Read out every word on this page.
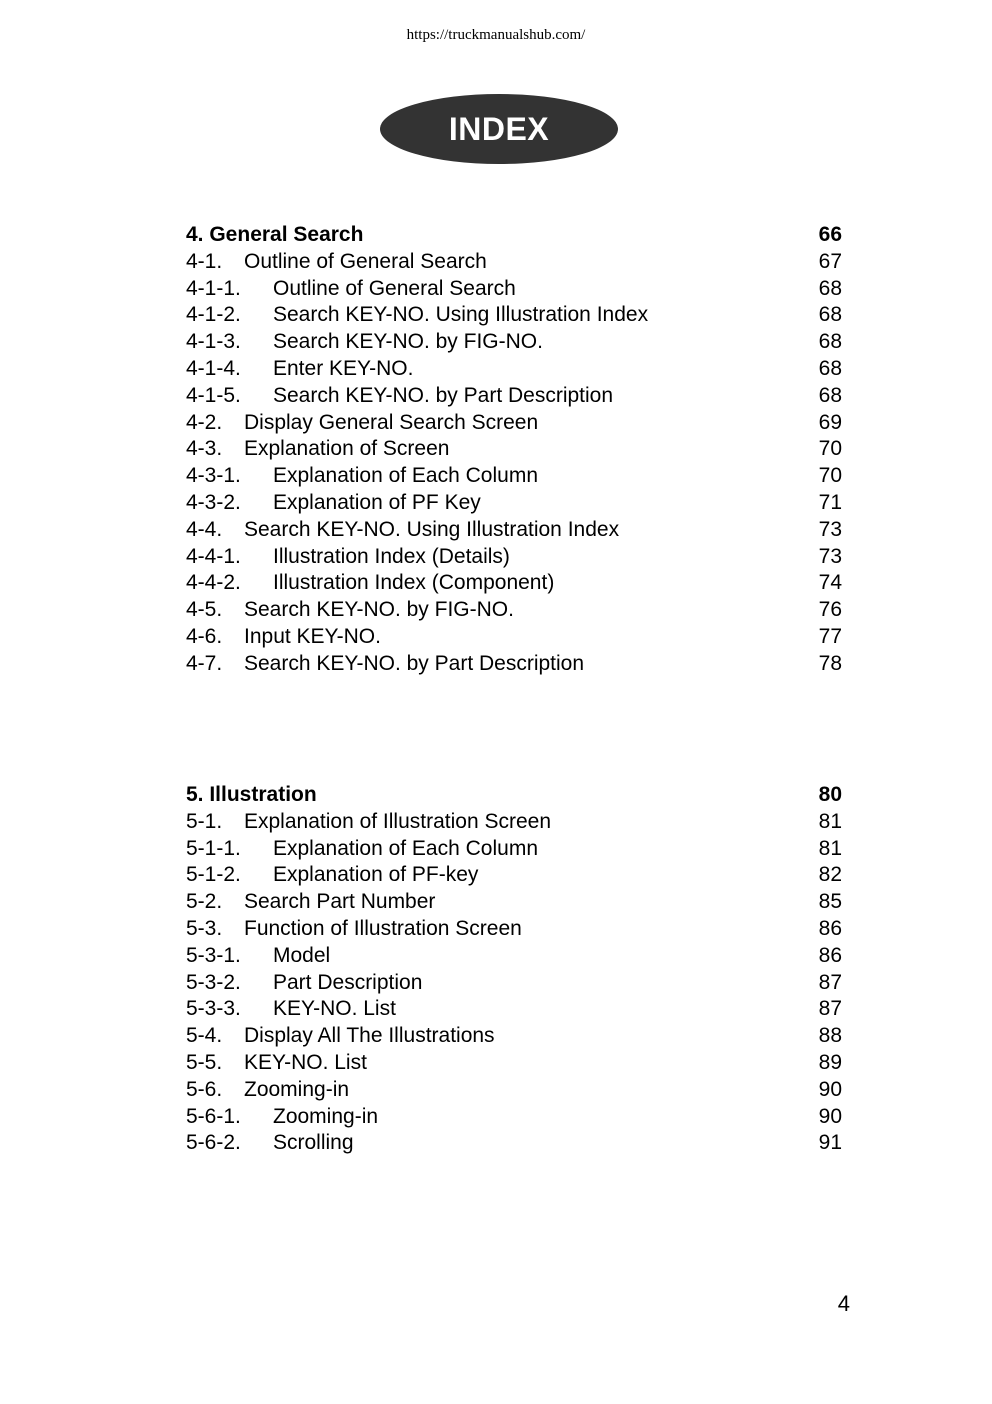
https://truckmanualshub.com/
INDEX
4. General Search	66
4-1.	Outline of General Search	67
4-1-1.	Outline of General Search	68
4-1-2.	Search KEY-NO. Using Illustration Index	68
4-1-3.	Search KEY-NO. by FIG-NO.	68
4-1-4.	Enter KEY-NO.	68
4-1-5.	Search KEY-NO. by Part Description	68
4-2.	Display General Search Screen	69
4-3.	Explanation of Screen	70
4-3-1.	Explanation of Each Column	70
4-3-2.	Explanation of PF Key	71
4-4.	Search KEY-NO. Using Illustration Index	73
4-4-1.	Illustration Index (Details)	73
4-4-2.	Illustration Index (Component)	74
4-5.	Search KEY-NO. by FIG-NO.	76
4-6.	Input KEY-NO.	77
4-7.	Search KEY-NO. by Part Description	78
5. Illustration	80
5-1.	Explanation of Illustration Screen	81
5-1-1.	Explanation of Each Column	81
5-1-2.	Explanation of PF-key	82
5-2.	Search Part Number	85
5-3.	Function of Illustration Screen	86
5-3-1.	Model	86
5-3-2.	Part Description	87
5-3-3.	KEY-NO. List	87
5-4.	Display All The Illustrations	88
5-5.	KEY-NO. List	89
5-6.	Zooming-in	90
5-6-1.	Zooming-in	90
5-6-2.	Scrolling	91
4
